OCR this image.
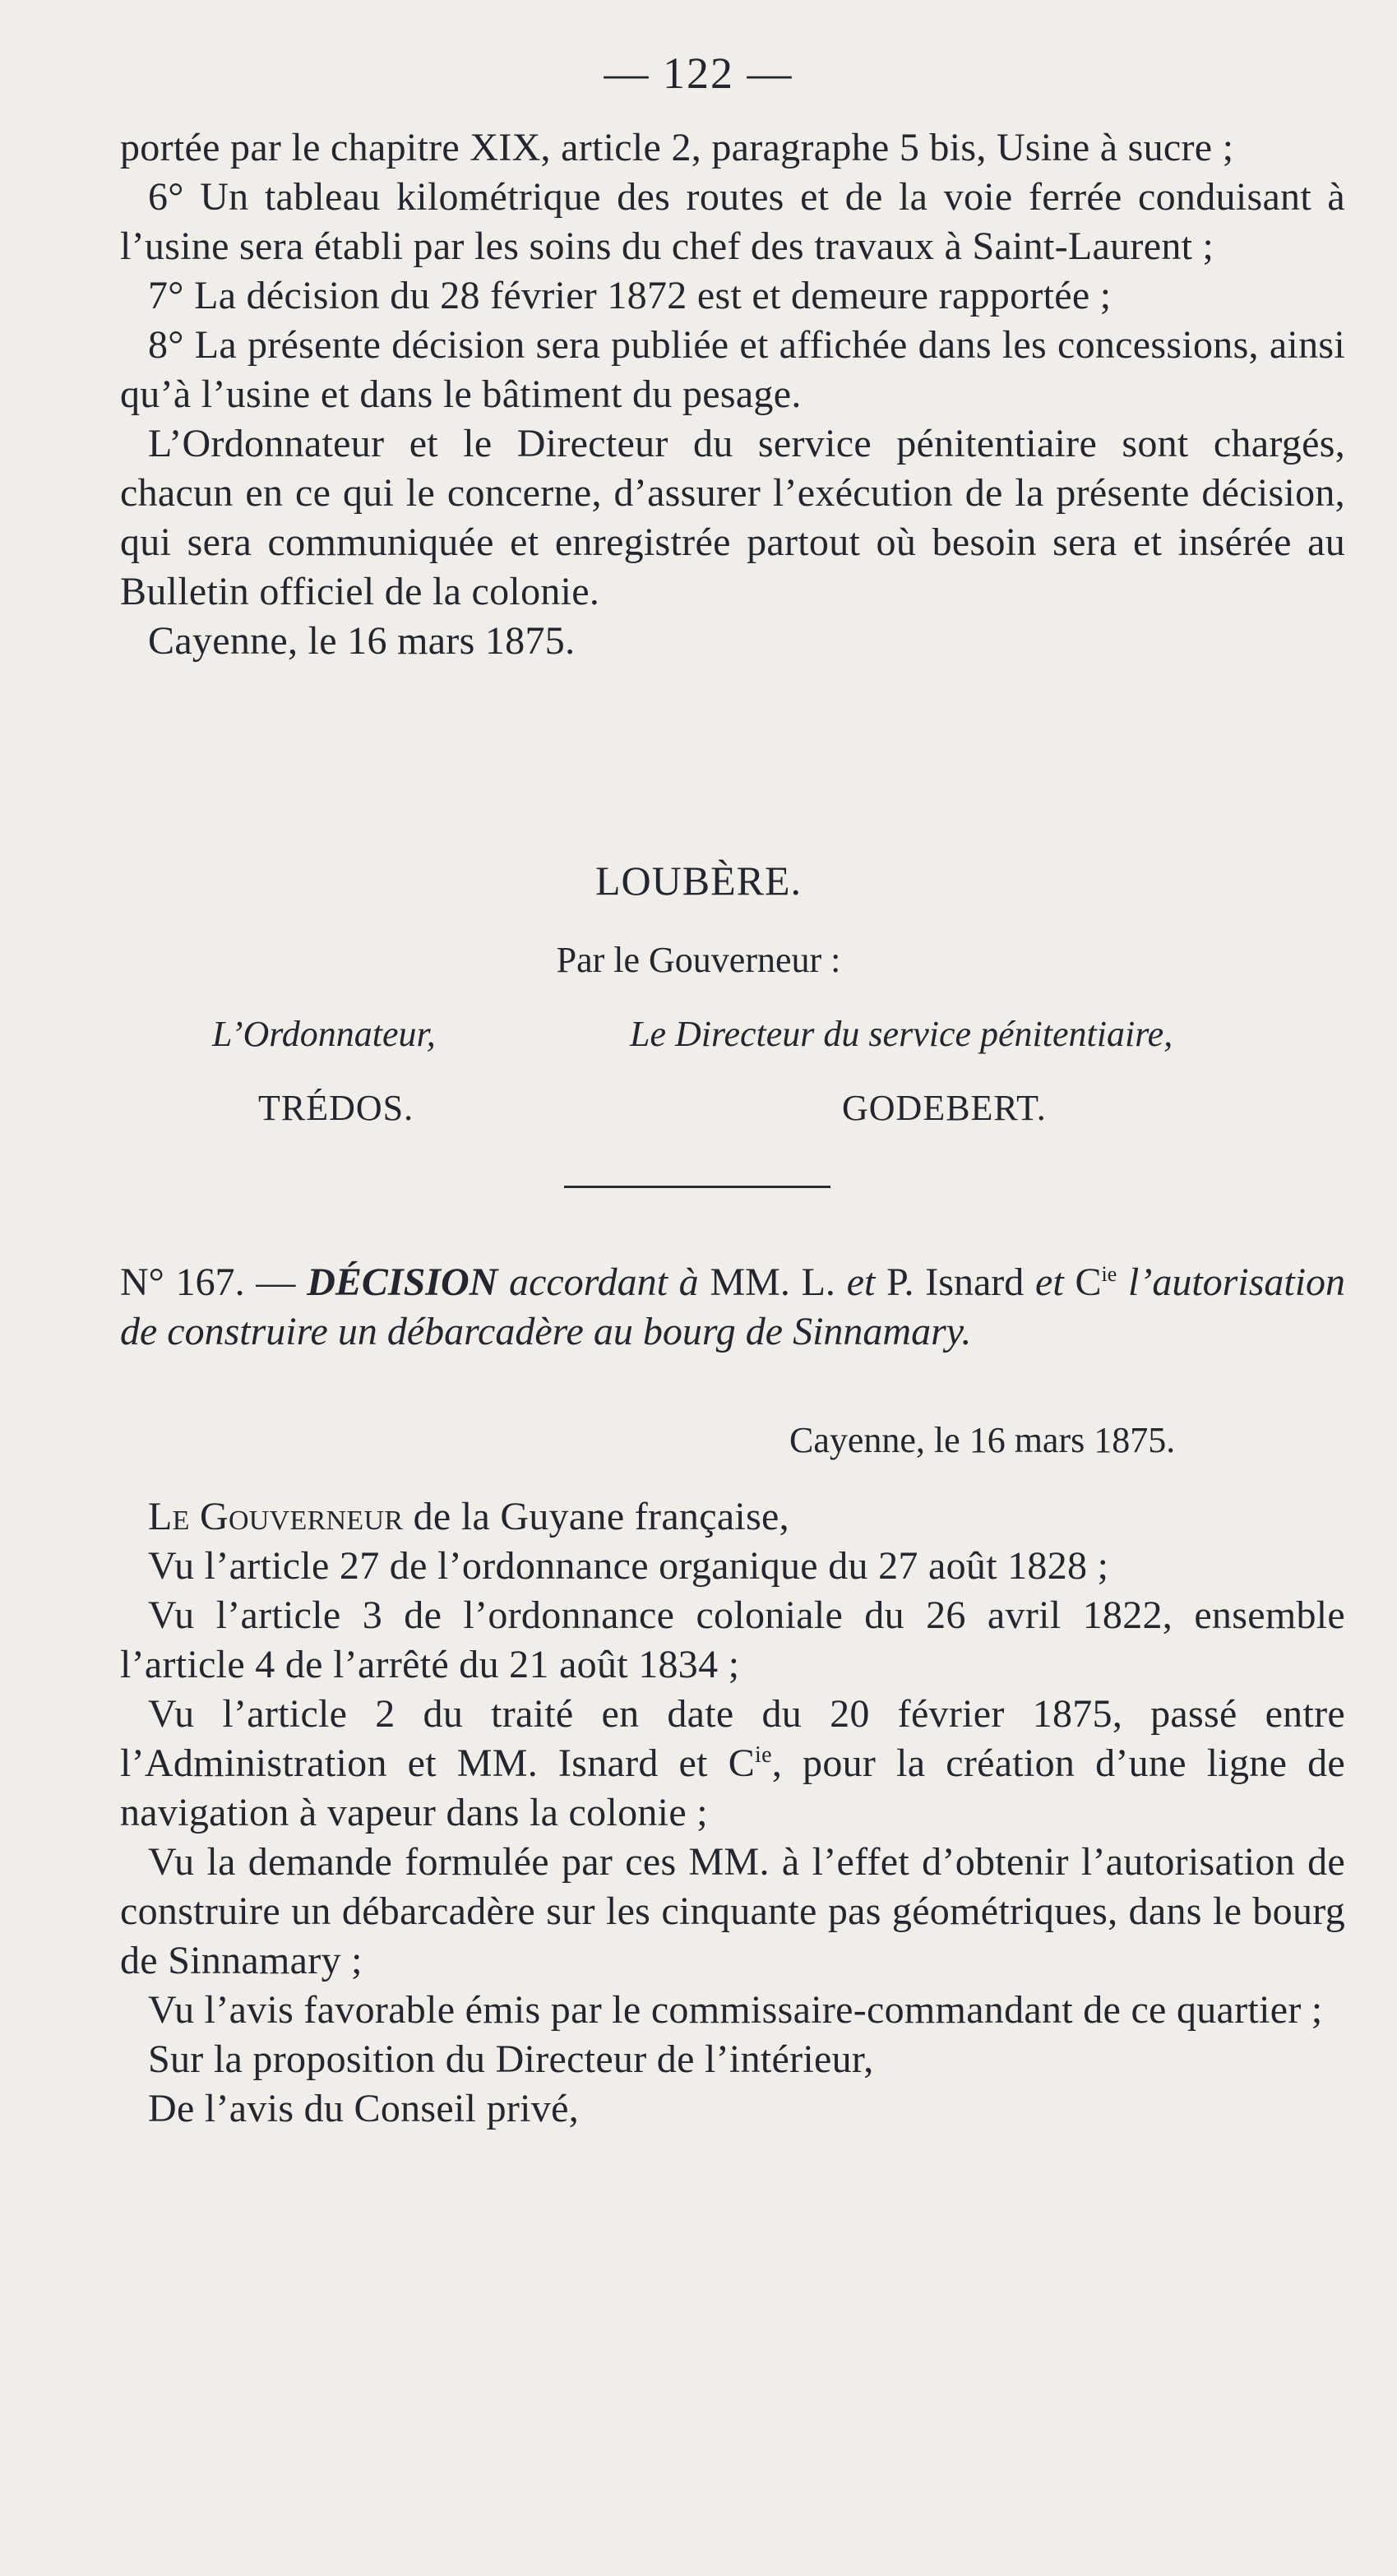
— 122 —

portée par le chapitre XIX, article 2, paragraphe 5 bis, Usine à sucre ;

6° Un tableau kilométrique des routes et de la voie ferrée conduisant à l’usine sera établi par les soins du chef des travaux à Saint-Laurent ;

7° La décision du 28 février 1872 est et demeure rapportée ;

8° La présente décision sera publiée et affichée dans les concessions, ainsi qu’à l’usine et dans le bâtiment du pesage.

L’Ordonnateur et le Directeur du service pénitentiaire sont chargés, chacun en ce qui le concerne, d’assurer l’exécution de la présente décision, qui sera communiquée et enregistrée partout où besoin sera et insérée au Bulletin officiel de la colonie.

Cayenne, le 16 mars 1875.

LOUBÈRE.
Par le Gouverneur :
L’Ordonnateur,	Le Directeur du service pénitentiaire,
TRÉDOS.	GODEBERT.
N° 167. — DÉCISION accordant à MM. L. et P. Isnard et $C^{ie}$ l’autorisation de construire un débarcadère au bourg de Sinnamary.
Cayenne, le 16 mars 1875.

Le Gouverneur de la Guyane française,

Vu l’article 27 de l’ordonnance organique du 27 août 1828 ;

Vu l’article 3 de l’ordonnance coloniale du 26 avril 1822, ensemble l’article 4 de l’arrêté du 21 août 1834 ;

Vu l’article 2 du traité en date du 20 février 1875, passé entre l’Administration et MM. Isnard et $C^{ie}$, pour la création d’une ligne de navigation à vapeur dans la colonie ;

Vu la demande formulée par ces MM. à l’effet d’obtenir l’autorisation de construire un débarcadère sur les cinquante pas géométriques, dans le bourg de Sinnamary ;

Vu l’avis favorable émis par le commissaire-commandant de ce quartier ;

Sur la proposition du Directeur de l’intérieur,

De l’avis du Conseil privé,
